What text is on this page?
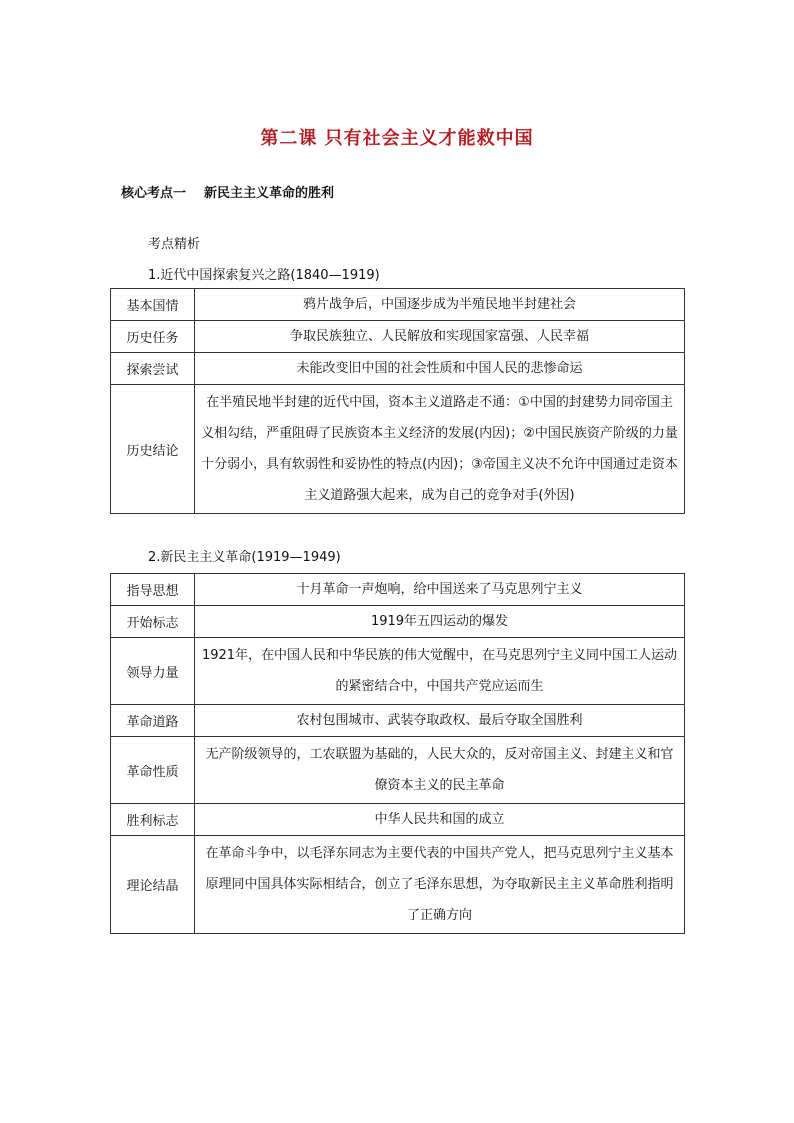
第二课 只有社会主义才能救中国
核心考点一 新民主主义革命的胜利
考点精析
1.近代中国探索复兴之路(1840—1919)
基本国情	鸦片战争后，中国逐步成为半殖民地半封建社会
历史任务	争取民族独立、人民解放和实现国家富强、人民幸福
探索尝试	未能改变旧中国的社会性质和中国人民的悲惨命运
历史结论	在半殖民地半封建的近代中国，资本主义道路走不通：①中国的封建势力同帝国主义相勾结，严重阻碍了民族资本主义经济的发展(内因)；②中国民族资产阶级的力量十分弱小，具有软弱性和妥协性的特点(内因)；③帝国主义决不允许中国通过走资本主义道路强大起来，成为自己的竞争对手(外因)
2.新民主主义革命(1919—1949)
指导思想	十月革命一声炮响，给中国送来了马克思列宁主义
开始标志	1919年五四运动的爆发
领导力量	1921年，在中国人民和中华民族的伟大觉醒中，在马克思列宁主义同中国工人运动的紧密结合中，中国共产党应运而生
革命道路	农村包围城市、武装夺取政权、最后夺取全国胜利
革命性质	无产阶级领导的，工农联盟为基础的，人民大众的，反对帝国主义、封建主义和官僚资本主义的民主革命
胜利标志	中华人民共和国的成立
理论结晶	在革命斗争中，以毛泽东同志为主要代表的中国共产党人，把马克思列宁主义基本原理同中国具体实际相结合，创立了毛泽东思想，为夺取新民主主义革命胜利指明了正确方向
